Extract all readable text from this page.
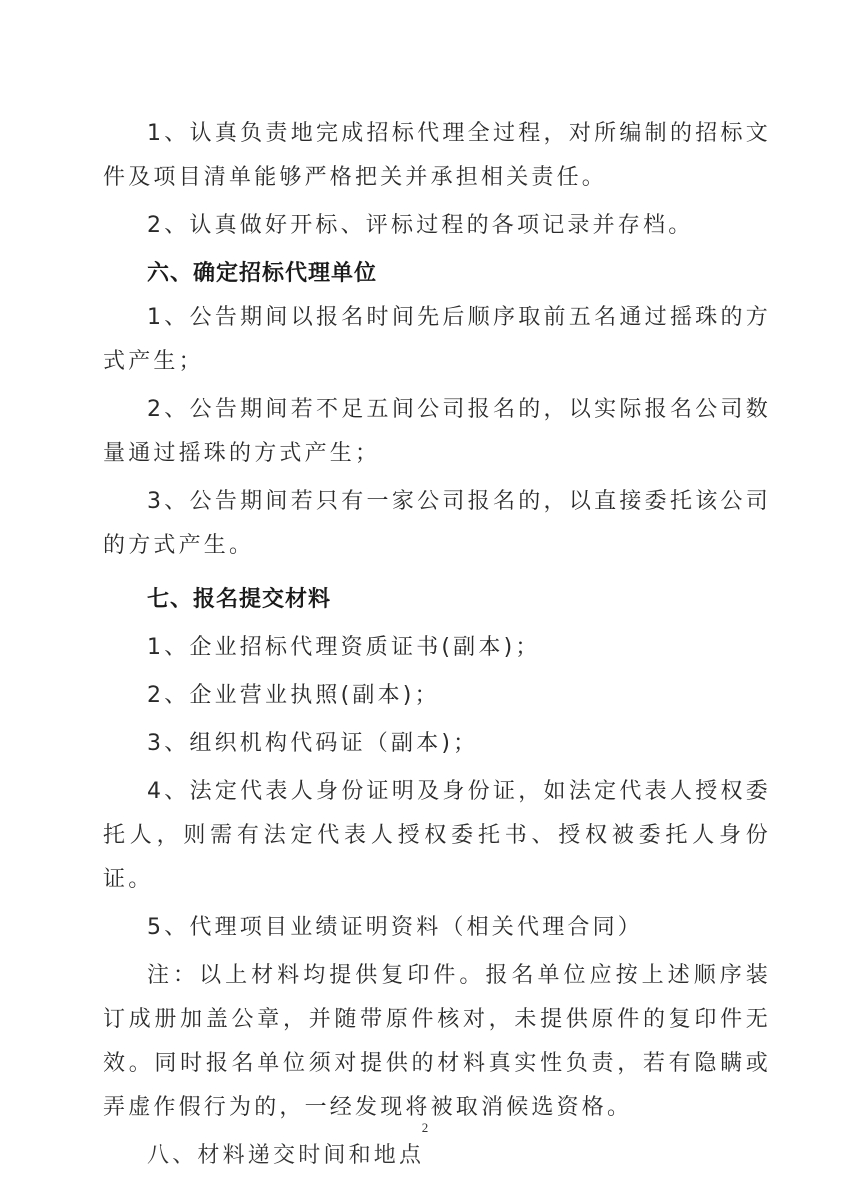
1、认真负责地完成招标代理全过程，对所编制的招标文件及项目清单能够严格把关并承担相关责任。

2、认真做好开标、评标过程的各项记录并存档。

六、确定招标代理单位

1、公告期间以报名时间先后顺序取前五名通过摇珠的方式产生；

2、公告期间若不足五间公司报名的，以实际报名公司数量通过摇珠的方式产生；

3、公告期间若只有一家公司报名的，以直接委托该公司的方式产生。

七、报名提交材料

1、企业招标代理资质证书(副本)；

2、企业营业执照(副本)；

3、组织机构代码证（副本)；

4、法定代表人身份证明及身份证，如法定代表人授权委托人，则需有法定代表人授权委托书、授权被委托人身份证。

5、代理项目业绩证明资料（相关代理合同）

注：以上材料均提供复印件。报名单位应按上述顺序装订成册加盖公章，并随带原件核对，未提供原件的复印件无效。同时报名单位须对提供的材料真实性负责，若有隐瞒或弄虚作假行为的，一经发现将被取消候选资格。

八、材料递交时间和地点
2
